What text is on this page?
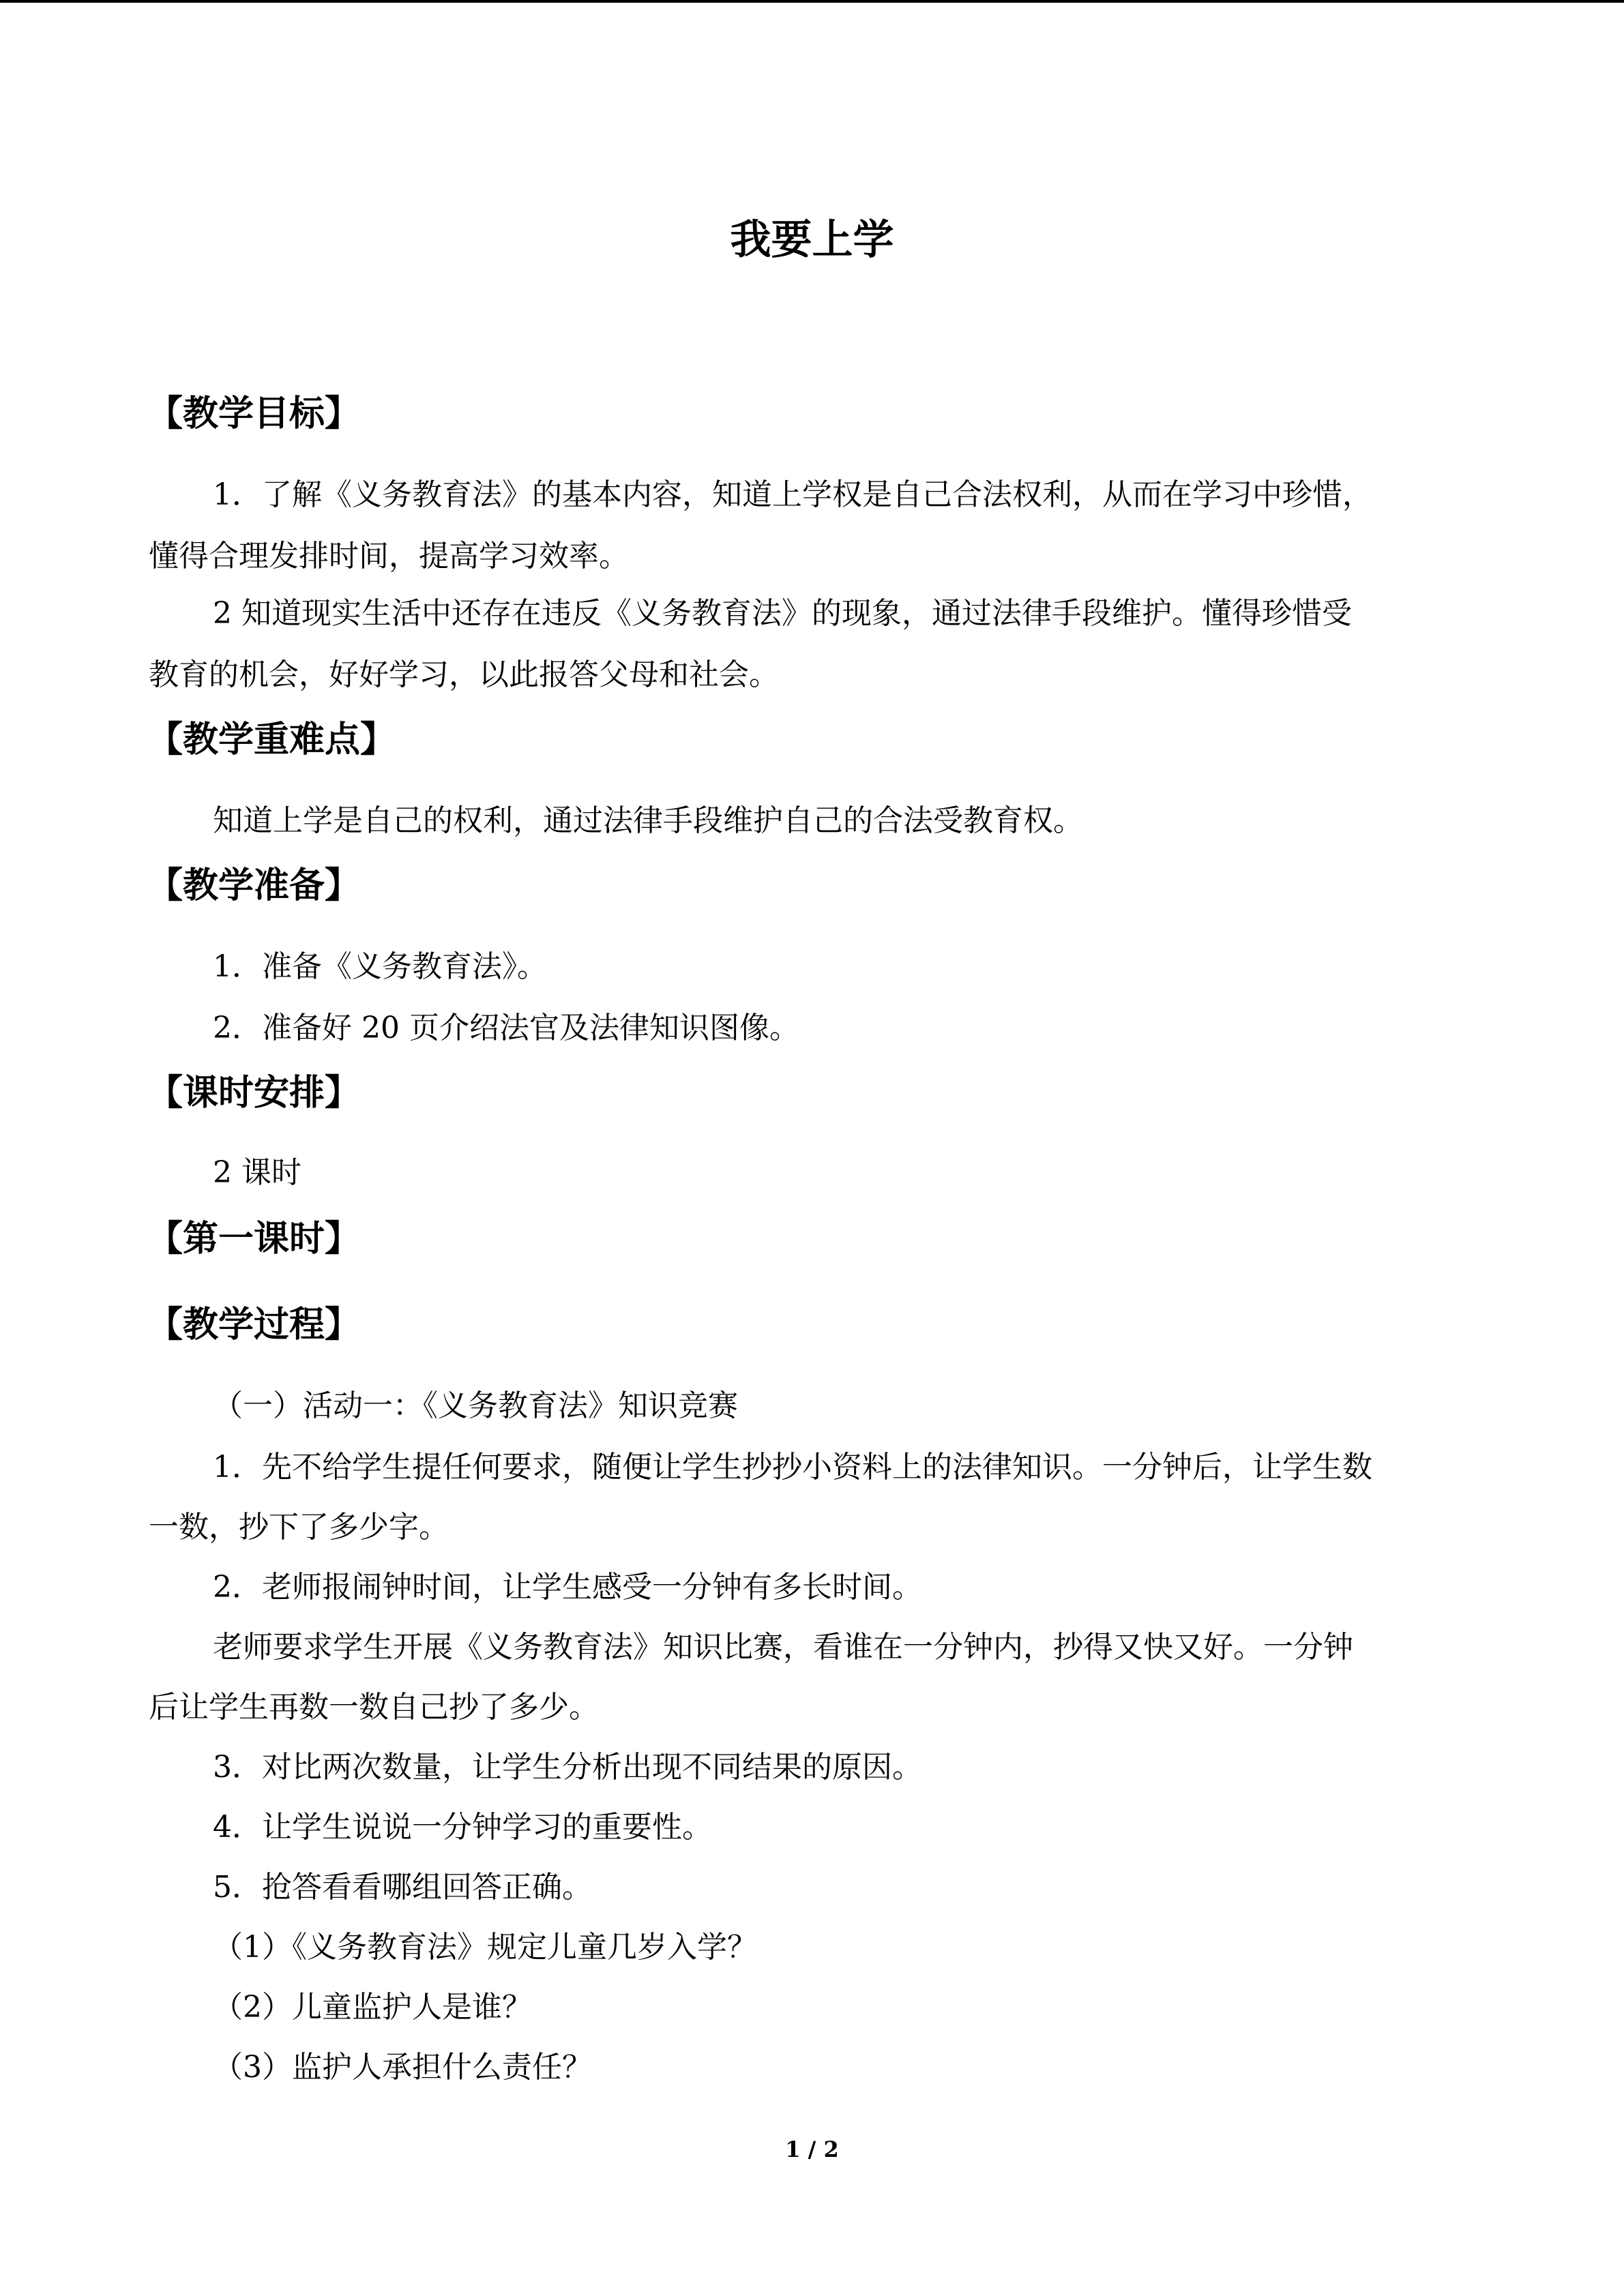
我要上学
【教学目标】
1．了解《义务教育法》的基本内容，知道上学权是自己合法权利，从而在学习中珍惜，
懂得合理发排时间，提高学习效率。
2 知道现实生活中还存在违反《义务教育法》的现象，通过法律手段维护。懂得珍惜受
教育的机会，好好学习，以此报答父母和社会。
【教学重难点】
知道上学是自己的权利，通过法律手段维护自己的合法受教育权。
【教学准备】
1．准备《义务教育法》。
2．准备好 20 页介绍法官及法律知识图像。
【课时安排】
2 课时
【第一课时】
【教学过程】
（一）活动一：《义务教育法》知识竞赛
1．先不给学生提任何要求，随便让学生抄抄小资料上的法律知识。一分钟后，让学生数
一数，抄下了多少字。
2．老师报闹钟时间，让学生感受一分钟有多长时间。
老师要求学生开展《义务教育法》知识比赛，看谁在一分钟内，抄得又快又好。一分钟
后让学生再数一数自己抄了多少。
3．对比两次数量，让学生分析出现不同结果的原因。
4．让学生说说一分钟学习的重要性。
5．抢答看看哪组回答正确。
（1）《义务教育法》规定儿童几岁入学？
（2）儿童监护人是谁？
（3）监护人承担什么责任？
1 / 2
